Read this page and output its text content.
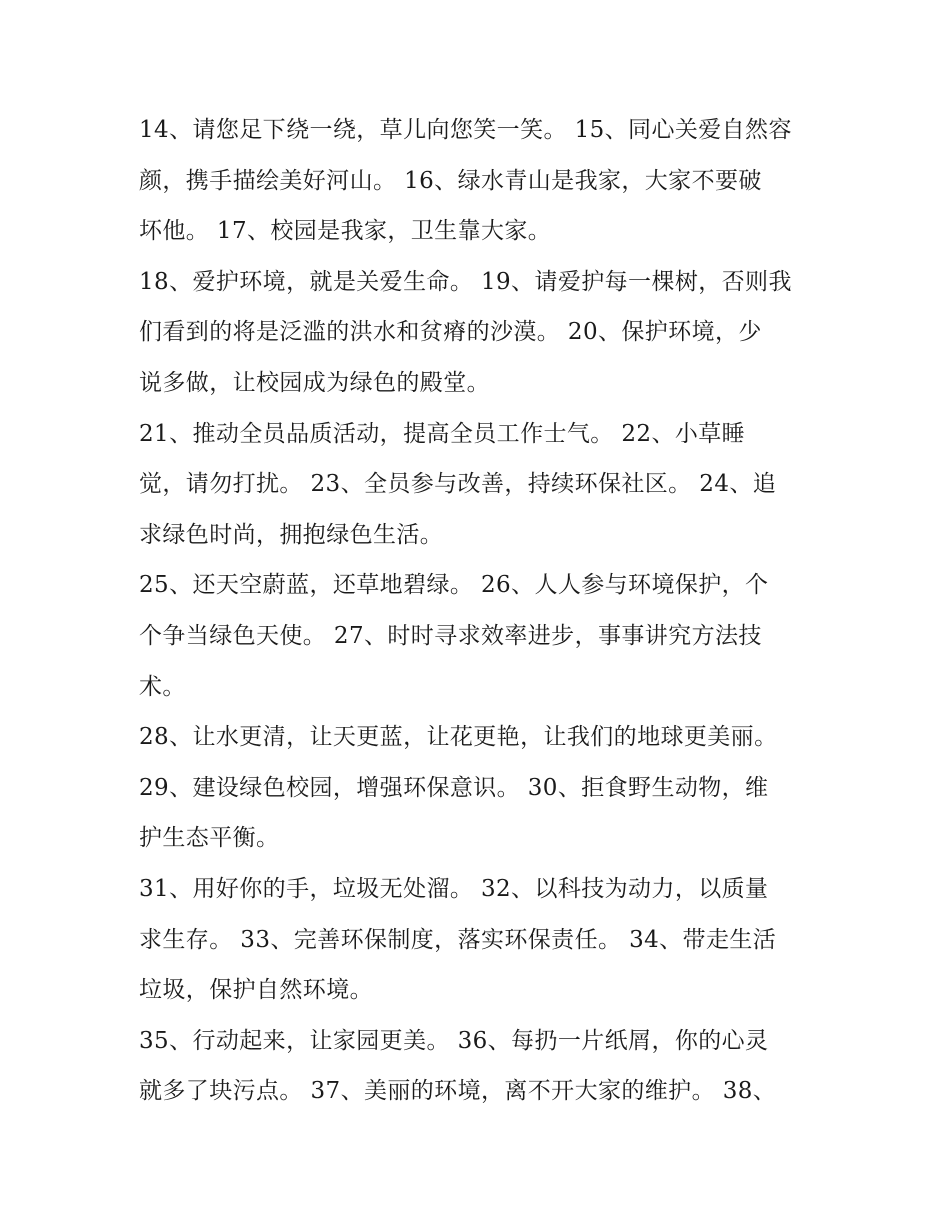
14、请您足下绕一绕，草儿向您笑一笑。 15、同心关爱自然容
颜，携手描绘美好河山。 16、绿水青山是我家，大家不要破
坏他。 17、校园是我家，卫生靠大家。
18、爱护环境，就是关爱生命。 19、请爱护每一棵树，否则我
们看到的将是泛滥的洪水和贫瘠的沙漠。 20、保护环境，少
说多做，让校园成为绿色的殿堂。
21、推动全员品质活动，提高全员工作士气。 22、小草睡
觉，请勿打扰。 23、全员参与改善，持续环保社区。 24、追
求绿色时尚，拥抱绿色生活。
25、还天空蔚蓝，还草地碧绿。 26、人人参与环境保护，个
个争当绿色天使。 27、时时寻求效率进步，事事讲究方法技
术。
28、让水更清，让天更蓝，让花更艳，让我们的地球更美丽。
29、建设绿色校园，增强环保意识。 30、拒食野生动物，维
护生态平衡。
31、用好你的手，垃圾无处溜。 32、以科技为动力，以质量
求生存。 33、完善环保制度，落实环保责任。 34、带走生活
垃圾，保护自然环境。
35、行动起来，让家园更美。 36、每扔一片纸屑，你的心灵
就多了块污点。 37、美丽的环境，离不开大家的维护。 38、
